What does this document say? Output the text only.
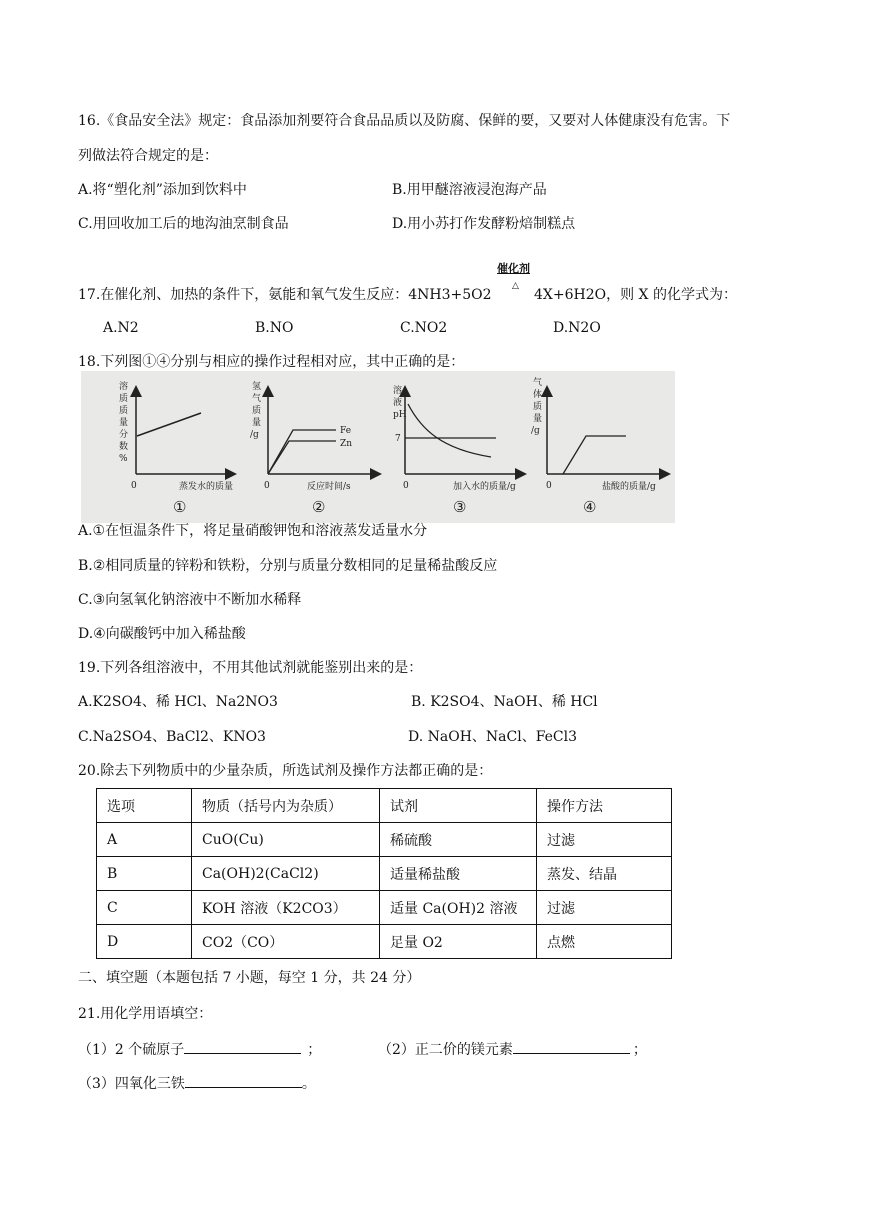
16.《食品安全法》规定：食品添加剂要符合食品品质以及防腐、保鲜的要，又要对人体健康没有危害。下
列做法符合规定的是：
A.将“塑化剂”添加到饮料中	B.用甲醚溶液浸泡海产品
C.用回收加工后的地沟油烹制食品	D.用小苏打作发酵粉焙制糕点
催化剂
△
17.在催化剂、加热的条件下，氨能和氧气发生反应：4NH3+5O2	4X+6H2O，则 X 的化学式为：
A.N2	B.NO	C.NO2	D.N2O
18.下列图①④分别与相应的操作过程相对应，其中正确的是：
溶 质 质 量 分 数 %
0	蒸发水的质量
①
氢 气 质 量 /g	Fe
Zn
0	反应时间/s
②
溶 液 pH
7
0	加入水的质量/g
③
气 体 质 量 /g
0	盐酸的质量/g
④
A.①在恒温条件下，将足量硝酸钾饱和溶液蒸发适量水分
B.②相同质量的锌粉和铁粉，分别与质量分数相同的足量稀盐酸反应
C.③向氢氧化钠溶液中不断加水稀释
D.④向碳酸钙中加入稀盐酸
19.下列各组溶液中，不用其他试剂就能鉴别出来的是：
A.K2SO4、稀 HCl、Na2NO3	B. K2SO4、NaOH、稀 HCl
C.Na2SO4、BaCl2、KNO3	D. NaOH、NaCl、FeCl3
20.除去下列物质中的少量杂质，所选试剂及操作方法都正确的是：
选项	物质（括号内为杂质）	试剂	操作方法
A	CuO(Cu)	稀硫酸	过滤
B	Ca(OH)2(CaCl2)	适量稀盐酸	蒸发、结晶
C	KOH 溶液（K2CO3）	适量 Ca(OH)2 溶液	过滤
D	CO2（CO）	足量 O2	点燃
二、填空题（本题包括 7 小题，每空 1 分，共 24 分）
21.用化学用语填空：
（1）2 个硫原子	；	（2）正二价的镁元素	；
（3）四氧化三铁	。
